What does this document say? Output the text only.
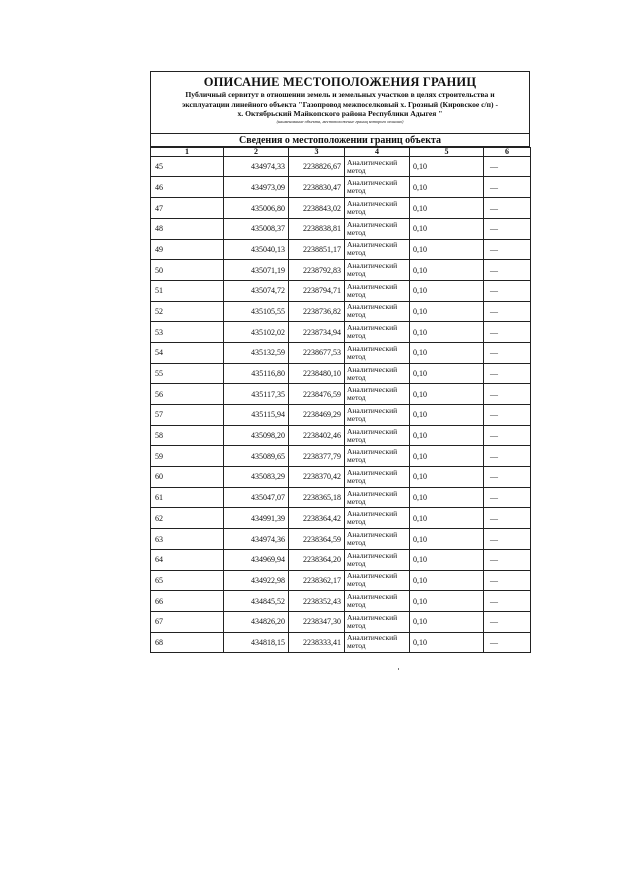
ОПИСАНИЕ МЕСТОПОЛОЖЕНИЯ ГРАНИЦ
Публичный сервитут в отношении земель и земельных участков в целях строительства и
эксплуатации линейного объекта "Газопровод межпоселковый х. Грозный (Кировское с/п) -
х. Октябрьский Майкопского района Республики Адыгея "
(наименование объекта, местоположение границ которого описано)
Сведения о местоположении границ объекта
1	2	3	4	5	6
45	434974,33	2238826,67	Аналитический метод	0,10	—
46	434973,09	2238830,47	Аналитический метод	0,10	—
47	435006,80	2238843,02	Аналитический метод	0,10	—
48	435008,37	2238838,81	Аналитический метод	0,10	—
49	435040,13	2238851,17	Аналитический метод	0,10	—
50	435071,19	2238792,83	Аналитический метод	0,10	—
51	435074,72	2238794,71	Аналитический метод	0,10	—
52	435105,55	2238736,82	Аналитический метод	0,10	—
53	435102,02	2238734,94	Аналитический метод	0,10	—
54	435132,59	2238677,53	Аналитический метод	0,10	—
55	435116,80	2238480,10	Аналитический метод	0,10	—
56	435117,35	2238476,59	Аналитический метод	0,10	—
57	435115,94	2238469,29	Аналитический метод	0,10	—
58	435098,20	2238402,46	Аналитический метод	0,10	—
59	435089,65	2238377,79	Аналитический метод	0,10	—
60	435083,29	2238370,42	Аналитический метод	0,10	—
61	435047,07	2238365,18	Аналитический метод	0,10	—
62	434991,39	2238364,42	Аналитический метод	0,10	—
63	434974,36	2238364,59	Аналитический метод	0,10	—
64	434969,94	2238364,20	Аналитический метод	0,10	—
65	434922,98	2238362,17	Аналитический метод	0,10	—
66	434845,52	2238352,43	Аналитический метод	0,10	—
67	434826,20	2238347,30	Аналитический метод	0,10	—
68	434818,15	2238333,41	Аналитический метод	0,10	—
